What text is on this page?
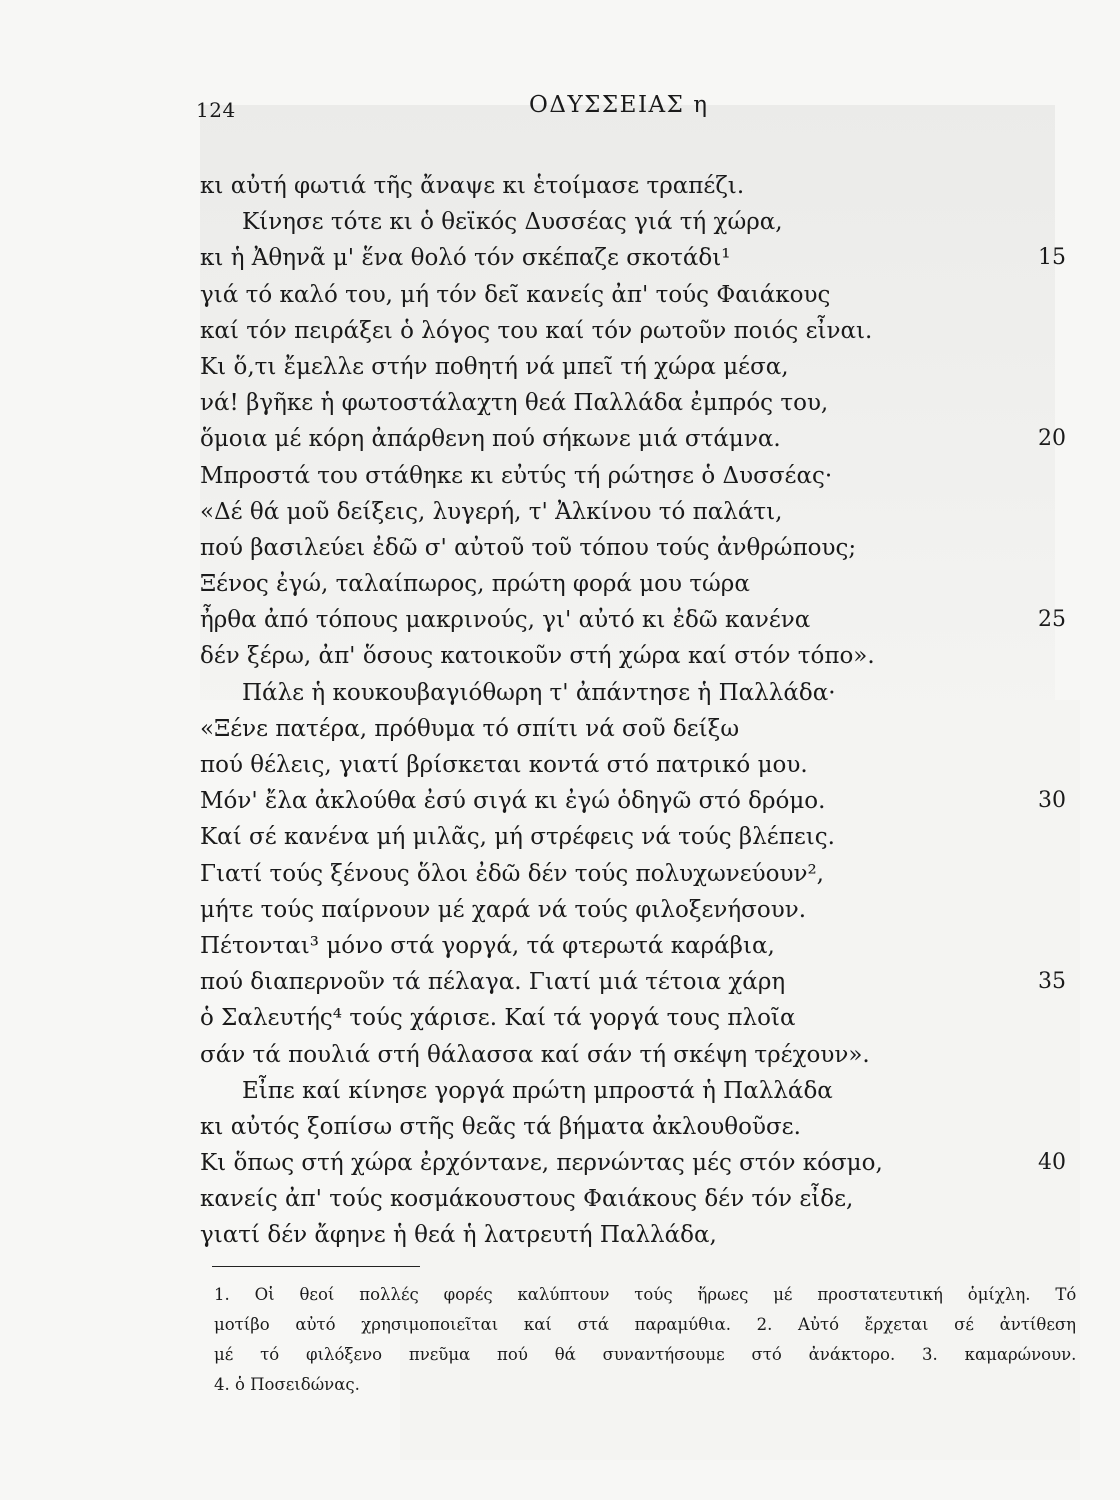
124	ΟΔΥΣΣΕΙΑΣ η
κι αὐτή φωτιά τῆς ἄναψε κι ἑτοίμασε τραπέζι.
Κίνησε τότε κι ὁ θεϊκός Δυσσέας γιά τή χώρα,
κι ἡ Ἀθηνᾶ μ' ἕνα θολό τόν σκέπαζε σκοτάδι¹	15
γιά τό καλό του, μή τόν δεῖ κανείς ἀπ' τούς Φαιάκους
καί τόν πειράξει ὁ λόγος του καί τόν ρωτοῦν ποιός εἶναι.
Κι ὅ,τι ἔμελλε στήν ποθητή νά μπεῖ τή χώρα μέσα,
νά! βγῆκε ἡ φωτοστάλαχτη θεά Παλλάδα ἐμπρός του,
ὅμοια μέ κόρη ἀπάρθενη πού σήκωνε μιά στάμνα.	20
Μπροστά του στάθηκε κι εὐτύς τή ρώτησε ὁ Δυσσέας·
«Δέ θά μοῦ δείξεις, λυγερή, τ' Ἀλκίνου τό παλάτι,
πού βασιλεύει ἐδῶ σ' αὐτοῦ τοῦ τόπου τούς ἀνθρώπους;
Ξένος ἐγώ, ταλαίπωρος, πρώτη φορά μου τώρα
ἦρθα ἀπό τόπους μακρινούς, γι' αὐτό κι ἐδῶ κανένα	25
δέν ξέρω, ἀπ' ὅσους κατοικοῦν στή χώρα καί στόν τόπο».
Πάλε ἡ κουκουβαγιόθωρη τ' ἀπάντησε ἡ Παλλάδα·
«Ξένε πατέρα, πρόθυμα τό σπίτι νά σοῦ δείξω
πού θέλεις, γιατί βρίσκεται κοντά στό πατρικό μου.
Μόν' ἔλα ἀκλούθα ἐσύ σιγά κι ἐγώ ὁδηγῶ στό δρόμο.	30
Καί σέ κανένα μή μιλᾶς, μή στρέφεις νά τούς βλέπεις.
Γιατί τούς ξένους ὅλοι ἐδῶ δέν τούς πολυχωνεύουν²,
μήτε τούς παίρνουν μέ χαρά νά τούς φιλοξενήσουν.
Πέτονται³ μόνο στά γοργά, τά φτερωτά καράβια,
πού διαπερνοῦν τά πέλαγα. Γιατί μιά τέτοια χάρη	35
ὁ Σαλευτής⁴ τούς χάρισε. Καί τά γοργά τους πλοῖα
σάν τά πουλιά στή θάλασσα καί σάν τή σκέψη τρέχουν».
Εἶπε καί κίνησε γοργά πρώτη μπροστά ἡ Παλλάδα
κι αὐτός ξοπίσω στῆς θεᾶς τά βήματα ἀκλουθοῦσε.
Κι ὅπως στή χώρα ἐρχόντανε, περνώντας μές στόν κόσμο,	40
κανείς ἀπ' τούς κοσμάκουστους Φαιάκους δέν τόν εἶδε,
γιατί δέν ἄφηνε ἡ θεά ἡ λατρευτή Παλλάδα,
1. Οἱ θεοί πολλές φορές καλύπτουν τούς ἥρωες μέ προστατευτική ὁμίχλη. Τό
μοτίβο αὐτό χρησιμοποιεῖται καί στά παραμύθια. 2. Αὐτό ἔρχεται σέ ἀντίθεση
μέ τό φιλόξενο πνεῦμα πού θά συναντήσουμε στό ἀνάκτορο. 3. καμαρώνουν.
4. ὁ Ποσειδώνας.
